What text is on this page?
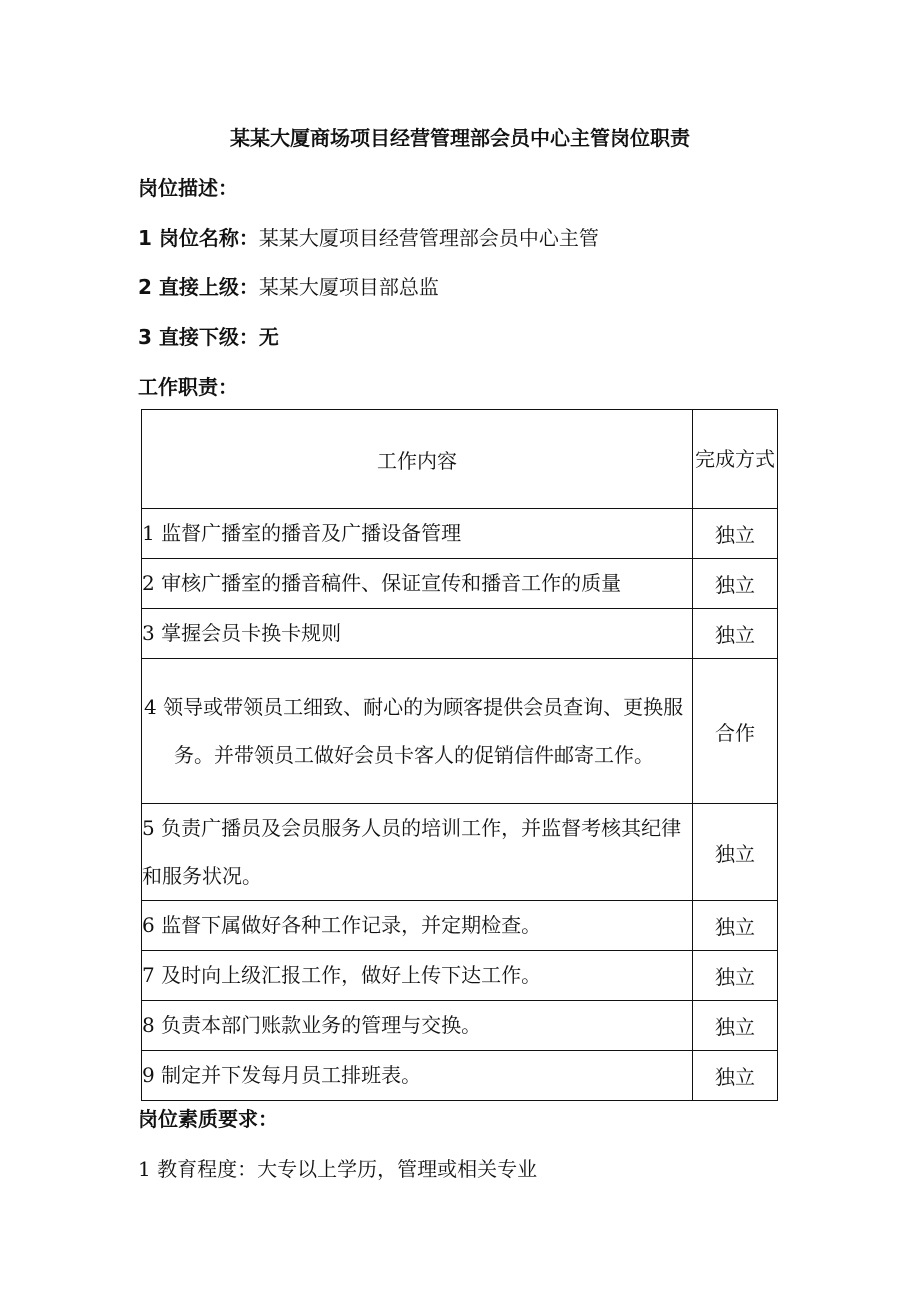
某某大厦商场项目经营管理部会员中心主管岗位职责
岗位描述：
1 岗位名称：某某大厦项目经营管理部会员中心主管
2 直接上级：某某大厦项目部总监
3 直接下级：无
工作职责：
工作内容	完成方式
1 监督广播室的播音及广播设备管理	独立
2 审核广播室的播音稿件、保证宣传和播音工作的质量	独立
3 掌握会员卡换卡规则	独立
4 领导或带领员工细致、耐心的为顾客提供会员查询、更换服务。并带领员工做好会员卡客人的促销信件邮寄工作。	合作
5 负责广播员及会员服务人员的培训工作，并监督考核其纪律和服务状况。	独立
6 监督下属做好各种工作记录，并定期检查。	独立
7 及时向上级汇报工作，做好上传下达工作。	独立
8 负责本部门账款业务的管理与交换。	独立
9 制定并下发每月员工排班表。	独立
岗位素质要求：
1 教育程度：大专以上学历，管理或相关专业
